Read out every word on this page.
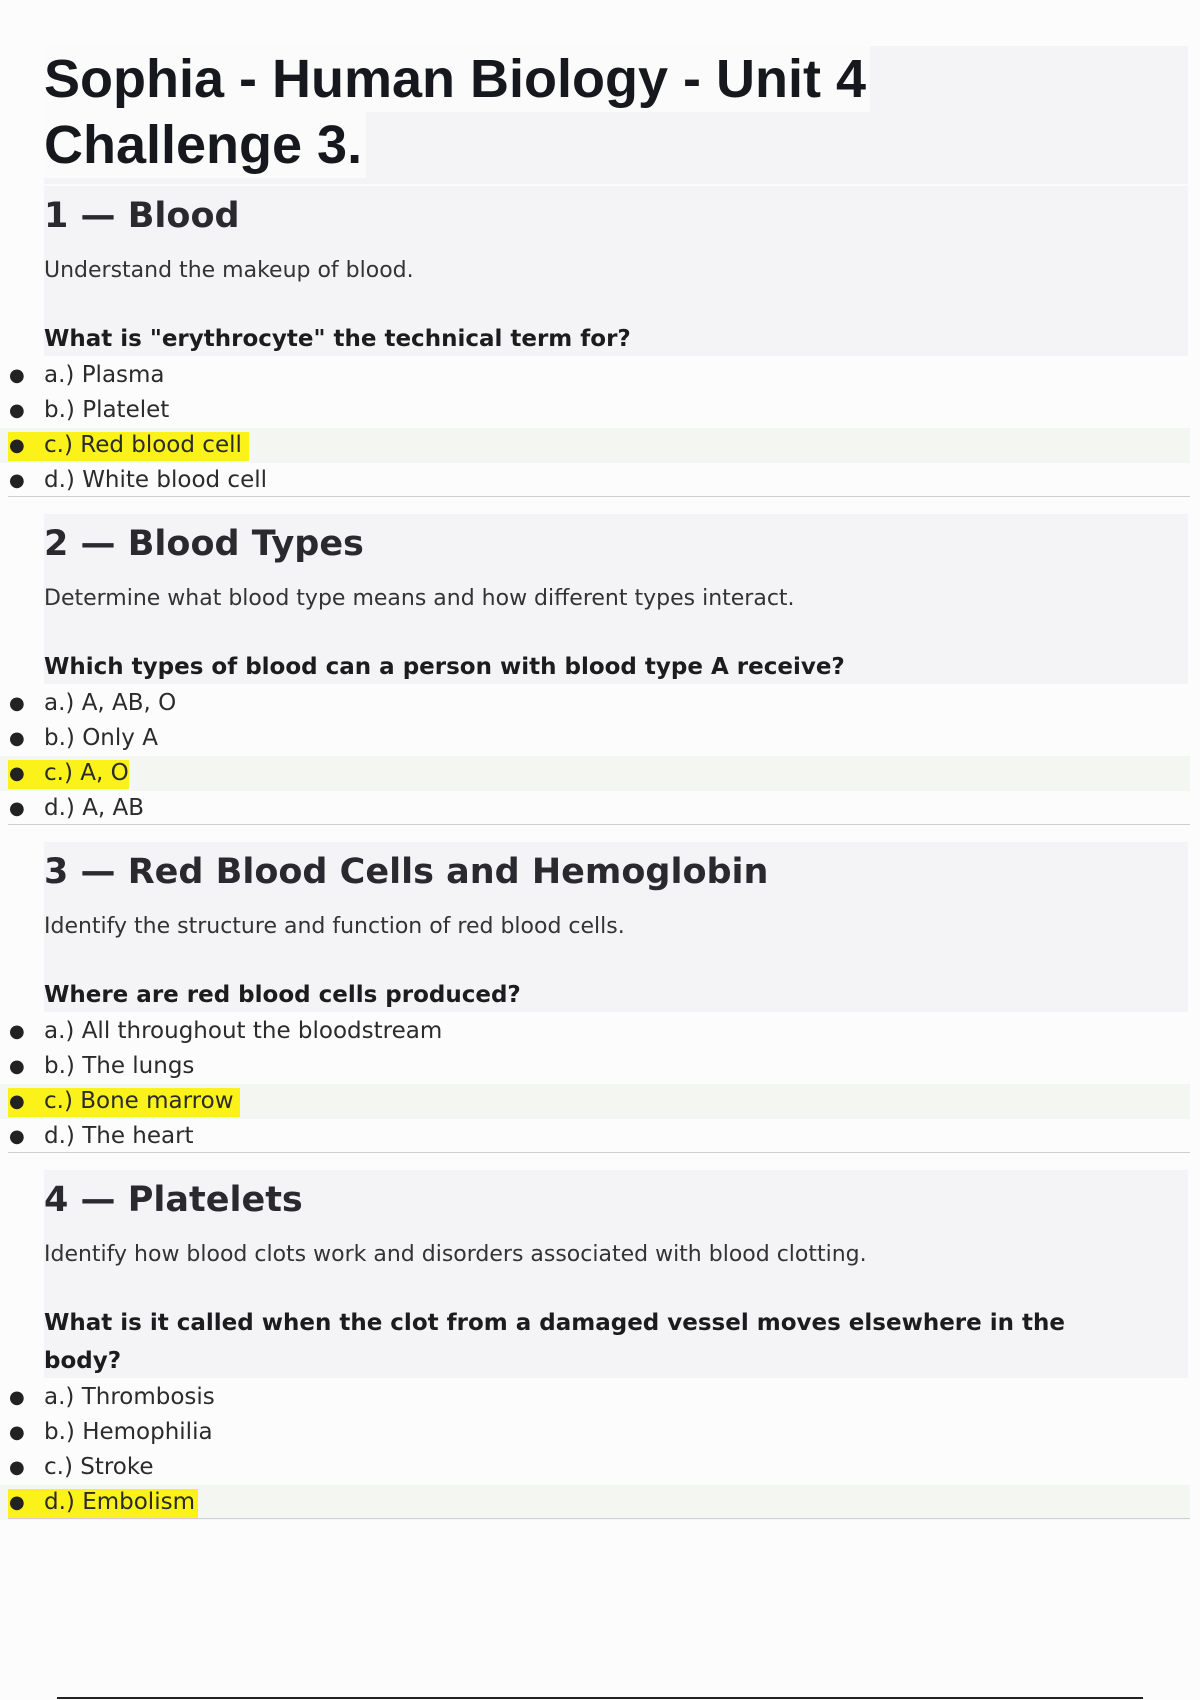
Sophia - Human Biology - Unit 4
Challenge 3.
1 — Blood
Understand the makeup of blood.
What is "erythrocyte" the technical term for?
● a.) Plasma
● b.) Platelet
● c.) Red blood cell
● d.) White blood cell
2 — Blood Types
Determine what blood type means and how different types interact.
Which types of blood can a person with blood type A receive?
● a.) A, AB, O
● b.) Only A
● c.) A, O
● d.) A, AB
3 — Red Blood Cells and Hemoglobin
Identify the structure and function of red blood cells.
Where are red blood cells produced?
● a.) All throughout the bloodstream
● b.) The lungs
● c.) Bone marrow
● d.) The heart
4 — Platelets
Identify how blood clots work and disorders associated with blood clotting.
What is it called when the clot from a damaged vessel moves elsewhere in the body?
● a.) Thrombosis
● b.) Hemophilia
● c.) Stroke
● d.) Embolism
